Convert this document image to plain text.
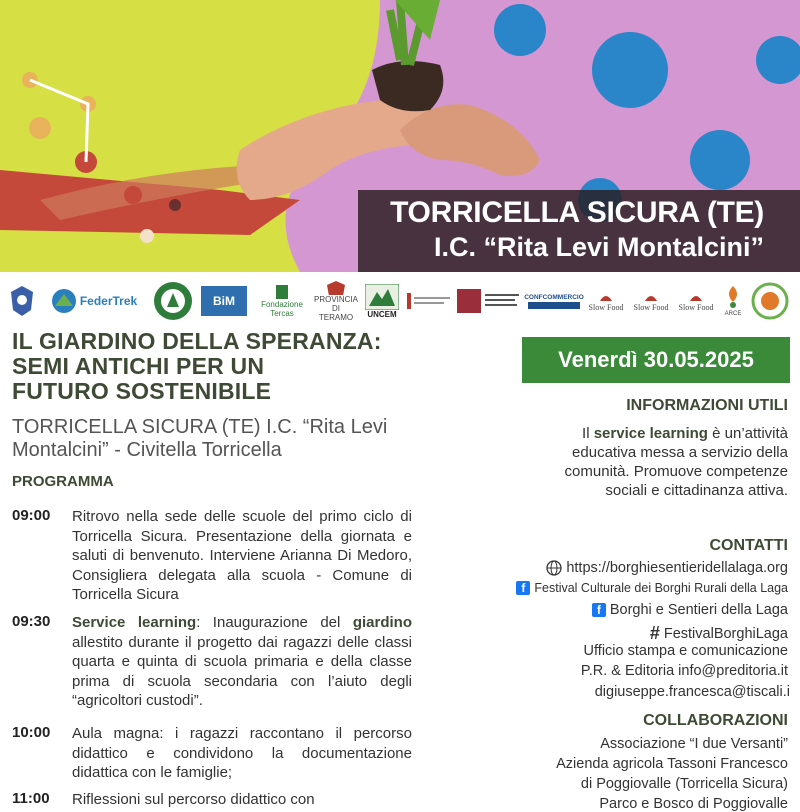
TORRICELLA SICURA (TE)
I.C. “Rita Levi Montalcini”
FederTrek	BiM	Fondazione Tercas
PROVINCIA DI TERAMO	UNCEM
CONFCOMMERCIO
Slow Food Slow Food Slow Food
ARCE
IL GIARDINO DELLA SPERANZA:
SEMI ANTICHI PER UN
FUTURO SOSTENIBILE
TORRICELLA SICURA (TE) I.C. “Rita Levi Montalcini” - Civitella Torricella
PROGRAMMA
09:00 Ritrovo nella sede delle scuole del primo ciclo di Torricella Sicura. Presentazione della giornata e saluti di benvenuto. Interviene Arianna Di Medoro, Consigliera delegata alla scuola - Comune di Torricella Sicura
09:30 Service learning: Inaugurazione del giardino allestito durante il progetto dai ragazzi delle classi quarta e quinta di scuola primaria e della classe prima di scuola secondaria con l’aiuto degli “agricoltori custodi”.
10:00 Aula magna: i ragazzi raccontano il percorso didattico e condividono la documentazione didattica con le famiglie;
11:00 Riflessioni sul percorso didattico con
Venerdì 30.05.2025
INFORMAZIONI UTILI
Il service learning è un’attività educativa messa a servizio della comunità. Promuove competenze sociali e cittadinanza attiva.
CONTATTI
https://borghiesentieridellalaga.org
f Festival Culturale dei Borghi Rurali della Laga
f Borghi e Sentieri della Laga
# FestivalBorghiLaga
Ufficio stampa e comunicazione
P.R. & Editoria info@preditoria.it
digiuseppe.francesca@tiscali.i
COLLABORAZIONI
Associazione “I due Versanti”
Azienda agricola Tassoni Francesco
di Poggiovalle (Torricella Sicura)
Parco e Bosco di Poggiovalle
